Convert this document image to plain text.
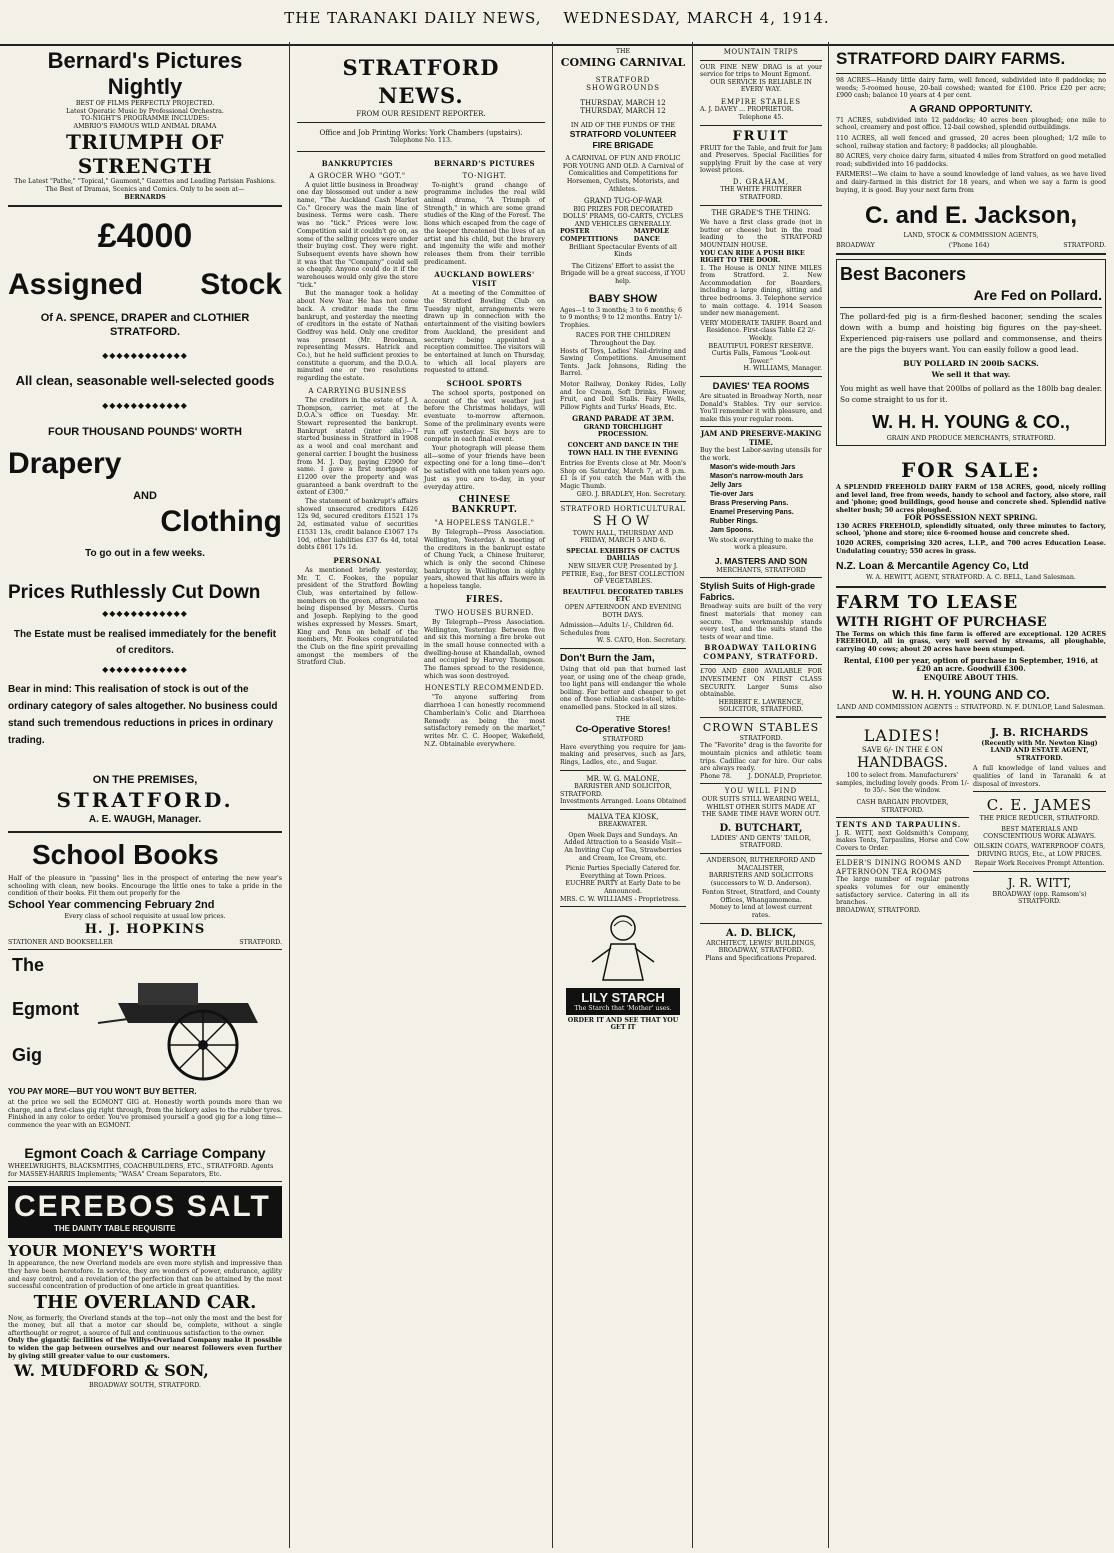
THE TARANAKI DAILY NEWS, WEDNESDAY, MARCH 4, 1914.
Bernard's Pictures Nightly
BEST OF FILMS PERFECTLY PROJECTED.
Latest Operatic Music by Professional Orchestra.
TO-NIGHT'S PROGRAMME INCLUDES:
AMBRIO'S FAMOUS WILD ANIMAL DRAMA
TRIUMPH OF STRENGTH
The Latest "Pathe," "Topical," Gaumont," Gazettes and Leading Parisian Fashions.
The Best of Dramas, Scenics and Comics. Only to be seen at—
BERNARDS
£4000
Assigned Stock
Of A. SPENCE, DRAPER and CLOTHIER
STRATFORD.
◆◆◆◆◆◆◆◆◆◆◆◆
All clean, seasonable well-selected goods
◆◆◆◆◆◆◆◆◆◆◆◆
FOUR THOUSAND POUNDS' WORTH
Drapery
AND
Clothing
To go out in a few weeks.
Prices Ruthlessly Cut Down
◆◆◆◆◆◆◆◆◆◆◆◆
The Estate must be realised immediately for the benefit of creditors.
◆◆◆◆◆◆◆◆◆◆◆◆
Bear in mind: This realisation of stock is out of the ordinary category of sales altogether. No business could stand such tremendous reductions in prices in ordinary trading.
ON THE PREMISES,
STRATFORD.
A. E. WAUGH, Manager.
School Books
Half of the pleasure in "passing" lies in the prospect of entering the new year's schooling with clean, new books. Encourage the little ones to take a pride in the condition of their books. Fit them out properly for the
School Year commencing February 2nd
Every class of school requisite at usual low prices.
H. J. HOPKINS
STATIONER AND BOOKSELLER	STRATFORD.
The
Egmont
Gig
YOU PAY MORE—BUT YOU WON'T BUY BETTER.
at the price we sell the EGMONT GIG at. Honestly worth pounds more than we charge, and a first-class gig right through, from the hickory axles to the rubber tyres. Finished in any color to order. You've promised yourself a good gig for a long time—commence the year with an EGMONT.
Egmont Coach & Carriage Company
WHEELWRIGHTS, BLACKSMITHS, COACHBUILDERS, ETC., STRATFORD. Agents for MASSEY-HARRIS Implements; "WASA" Cream Separators, Etc.
CEREBOS SALT
THE DAINTY TABLE REQUISITE
YOUR MONEY'S WORTH
In appearance, the new Overland models are even more stylish and impressive than they have been heretofore. In service, they are wonders of power, endurance, agility and easy control, and a revelation of the perfection that can be attained by the most successful concentration of production of one article in great quantities.
THE OVERLAND CAR.
Now, as formerly, the Overland stands at the top—not only the most and the best for the money, but all that a motor car should be, complete, without a single afterthought or regret, a source of full and continuous satisfaction to the owner.
Only the gigantic facilities of the Willys-Overland Company make it possible to widen the gap between ourselves and our nearest followers even further by giving still greater value to our customers.
W. MUDFORD & SON,
BROADWAY SOUTH, STRATFORD.
STRATFORD NEWS.
FROM OUR RESIDENT REPORTER.
Office and Job Printing Works: York Chambers (upstairs).
Telephone No. 113.
BANKRUPTCIES
A GROCER WHO "GOT."

A quiet little business in Broadway one day blossomed out under a new name, "The Auckland Cash Market Co." Grocery was the main line of business. Terms were cash. There was no "tick." Prices were low. Competition said it couldn't go on, as some of the selling prices were under their buying cost. They were right. Subsequent events have shown how it was that the "Company" could sell so cheaply. Anyone could do it if the warehouses would only give the store "tick."

But the manager took a holiday about New Year. He has not come back. A creditor made the firm bankrupt, and yesterday the meeting of creditors in the estate of Nathan Godfrey was held. Only one creditor was present (Mr. Brookman, representing Messrs. Hatrick and Co.), but he held sufficient proxies to constitute a quorum, and the D.O.A. minuted one or two resolutions regarding the estate.

A CARRYING BUSINESS

The creditors in the estate of J. A. Thompson, carrier, met at the D.O.A.'s office on Tuesday. Mr. Stewart represented the bankrupt. Bankrupt stated (inter alia):—"I started business in Stratford in 1908 as a wool and coal merchant and general carrier. I bought the business from M. J. Day, paying £2900 for same. I gave a first mortgage of £1200 over the property and was guaranteed a bank overdraft to the extent of £300."

The statement of bankrupt's affairs showed unsecured creditors £426 12s 9d, secured creditors £1521 17s 2d, estimated value of securities £1531 13s, credit balance £1067 17s 10d, other liabilities £37 6s 4d, total debts £861 17s 1d.

PERSONAL

As mentioned briefly yesterday, Mr. T. C. Fookes, the popular president of the Stratford Bowling Club, was entertained by fellow-members on the green, afternoon tea being dispensed by Messrs. Curtis and Joseph. Replying to the good wishes expressed by Messrs. Smart, King and Penn on behalf of the members, Mr. Fookes congratulated the Club on the fine spirit prevailing amongst the members of the Stratford Club.

BERNARD'S PICTURES
TO-NIGHT.

To-night's grand change of programme includes the real wild animal drama, "A Triumph of Strength," in which are some grand studies of the King of the Forest. The lions which escaped from the cage of the keeper threatened the lives of an artist and his child, but the bravery and ingenuity the wife and mother releases them from their terrible predicament.

AUCKLAND BOWLERS' VISIT

At a meeting of the Committee of the Stratford Bowling Club on Tuesday night, arrangements were drawn up in connection with the entertainment of the visiting bowlers from Auckland, the president and secretary being appointed a reception committee. The visitors will be entertained at lunch on Thursday, to which all local players are requested to attend.

SCHOOL SPORTS

The school sports, postponed on account of the wet weather just before the Christmas holidays, will eventuate to-morrow afternoon. Some of the preliminary events were run off yesterday. Six boys are to compete in each final event.

Your photograph will please them all—some of your friends have been expecting one for a long time—don't be satisfied with one taken years ago. Just as you are to-day, in your everyday attire.

CHINESE BANKRUPT.
"A HOPELESS TANGLE."

By Telegraph—Press Association. Wellington, Yesterday. A meeting of the creditors in the bankrupt estate of Chung Yuck, a Chinese fruiterer, which is only the second Chinese bankruptcy in Wellington in eighty years, showed that his affairs were in a hopeless tangle.

FIRES.
TWO HOUSES BURNED.

By Telegraph—Press Association. Wellington, Yesterday. Between five and six this morning a fire broke out in the small house connected with a dwelling-house at Khandallah, owned and occupied by Harvey Thompson. The flames spread to the residence, which was soon destroyed.

HONESTLY RECOMMENDED.

"To anyone suffering from diarrhoea I can honestly recommend Chamberlain's Colic and Diarrhoea Remedy as being the most satisfactory remedy on the market," writes Mr. C. C. Hooper, Wakefield, N.Z. Obtainable everywhere.

THE
COMING CARNIVAL
STRATFORD SHOWGROUNDS
THURSDAY, MARCH 12
THURSDAY, MARCH 12
IN AID OF THE FUNDS OF THE
STRATFORD VOLUNTEER FIRE BRIGADE
A CARNIVAL OF FUN AND FROLIC FOR YOUNG AND OLD. A Carnival of Comicalities and Competitions for Horsemen, Cyclists, Motorists, and Athletes.
GRAND TUG-OF-WAR
BIG PRIZES FOR DECORATED DOLLS' PRAMS, GO-CARTS, CYCLES AND VEHICLES GENERALLY.
POSTER COMPETITIONS
MAYPOLE DANCE
Brilliant Spectacular Events of all Kinds
The Citizens' Effort to assist the Brigade will be a great success, if YOU help.
BABY SHOW
Ages—1 to 3 months; 3 to 6 months; 6 to 9 months; 9 to 12 months. Entry 1/- Trophies.
RACES FOR THE CHILDREN Throughout the Day.
Hosts of Toys, Ladies' Nail-driving and Sawing Competitions. Amusement Tents. Jack Johnsons, Riding the Barrel.
Motor Railway, Donkey Rides, Lolly and Ice Cream, Soft Drinks, Flower, Fruit, and Doll Stalls. Fairy Wells, Pillow Fights and Turks' Heads, Etc.
GRAND PARADE AT 3P.M.
GRAND TORCHLIGHT PROCESSION.
CONCERT AND DANCE IN THE TOWN HALL IN THE EVENING
Entries for Events close at Mr. Moon's Shop on Saturday, March 7, at 8 p.m. £1 is if you catch the Man with the Magic Thumb.
GEO. J. BRADLEY, Hon. Secretary.
STRATFORD HORTICULTURAL
SHOW
TOWN HALL, THURSDAY AND FRIDAY, MARCH 5 AND 6.
SPECIAL EXHIBITS OF CACTUS DAHLIAS
NEW SILVER CUP, Presented by J. PETRIE, Esq., for BEST COLLECTION OF VEGETABLES.
BEAUTIFUL DECORATED TABLES ETC
OPEN AFTERNOON AND EVENING BOTH DAYS.
Admission—Adults 1/-, Children 6d. Schedules from
W. S. CATO, Hon. Secretary.
Don't Burn the Jam,
Using that old pan that burned last year, or using one of the cheap grade, too light pans will endanger the whole boiling. Far better and cheaper to get one of those reliable cast-steel, white-enamelled pans. Stocked in all sizes.
THE
Co-Operative Stores!
STRATFORD
Have everything you require for jam-making and preserves, such as Jars, Rings, Ladles, etc., and Sugar.
MR. W. G. MALONE,
BARRISTER AND SOLICITOR,
STRATFORD.
Investments Arranged. Loans Obtained
MALVA TEA KIOSK,
BREAKWATER.
Open Week Days and Sundays. An Added Attraction to a Seaside Visit—An Inviting Cup of Tea, Strawberries and Cream, Ice Cream, etc.
Picnic Parties Specially Catered for. Everything at Town Prices.
EUCHRE PARTY at Early Date to be Announced.
MRS. C. W. WILLIAMS - Proprietress.

LILY STARCH
The Starch that 'Mother' uses.
ORDER IT AND SEE THAT YOU GET IT
MOUNTAIN TRIPS
OUR FINE NEW DRAG is at your service for trips to Mount Egmont.
OUR SERVICE IS RELIABLE IN EVERY WAY.
EMPIRE STABLES
A. J. DAVEY ... PROPRIETOR.
Telephone 45.
FRUIT
FRUIT for the Table, and fruit for Jam and Preserves. Special Facilities for supplying Fruit by the case at very lowest prices.
D. GRAHAM,
THE WHITE FRUITERER STRATFORD.
THE GRADE'S THE THING.
We have a first class grade (not in butter or cheese) but in the road leading to the STRATFORD MOUNTAIN HOUSE.
YOU CAN RIDE A PUSH BIKE RIGHT TO THE DOOR.
1. The House is ONLY NINE MILES from Stratford. 2. New Accommodation for Boarders, including a large dining, sitting and three bedrooms. 3. Telephone service to main cottage. 4. 1914 Season under new management.
VERY MODERATE TARIFF. Board and Residence. First-class Table £2 2/- Weekly.
BEAUTIFUL FOREST RESERVE. Curtis Falls, Famous "Look-out Tower."
H. WILLIAMS, Manager.
DAVIES' TEA ROOMS
Are situated in Broadway North, near Donald's Stables. Try our service. You'll remember it with pleasure, and make this your regular room.
JAM AND PRESERVE-MAKING TIME.
Buy the best Labor-saving utensils for the work.
Mason's wide-mouth Jars
Mason's narrow-mouth Jars
Jelly Jars
Tie-over Jars
Brass Preserving Pans.
Enamel Preserving Pans.
Rubber Rings.
Jam Spoons.
We stock everything to make the work a pleasure.
J. MASTERS AND SON
MERCHANTS, STRATFORD
Stylish Suits of High-grade Fabrics.
Broadway suits are built of the very finest materials that money can secure. The workmanship stands every test, and the suits stand the tests of wear and time.
BROADWAY TAILORING COMPANY, STRATFORD.
£700 AND £800 AVAILABLE FOR INVESTMENT ON FIRST CLASS SECURITY. Larger Sums also obtainable.
HERBERT E. LAWRENCE, SOLICITOR, STRATFORD.
CROWN STABLES
STRATFORD.
The "Favorite" drag is the favorite for mountain picnics and athletic team trips. Cadillac car for hire. Our cabs are always ready.
Phone 78.	J. DONALD, Proprietor.
YOU WILL FIND
OUR SUITS STILL WEARING WELL, WHILST OTHER SUITS MADE AT THE SAME TIME HAVE WORN OUT.
D. BUTCHART,
LADIES' AND GENTS' TAILOR, STRATFORD.
ANDERSON, RUTHERFORD AND MACALISTER,
BARRISTERS AND SOLICITORS (successors to W. D. Anderson).
Fenton Street, Stratford, and County Offices, Whangamomona.
Money to lend at lowest current rates.
A. D. BLICK,
ARCHITECT, LEWIS' BUILDINGS, BROADWAY, STRATFORD.
Plans and Specifications Prepared.
STRATFORD DAIRY FARMS.
98 ACRES—Handy little dairy farm, well fenced, subdivided into 8 paddocks; no weeds; 5-roomed house, 20-bail cowshed; wanted for £100. Price £20 per acre; £900 cash; balance 10 years at 4 per cent.
A GRAND OPPORTUNITY.
71 ACRES, subdivided into 12 paddocks; 40 acres been ploughed; one mile to school, creamery and post office. 12-bail cowshed, splendid outbuildings.
110 ACRES, all well fenced and grassed, 20 acres been ploughed; 1/2 mile to school, railway station and factory; 8 paddocks; all ploughable.
80 ACRES, very choice dairy farm, situated 4 miles from Stratford on good metalled road; subdivided into 16 paddocks.
FARMERS!—We claim to have a sound knowledge of land values, as we have lived and dairy-farmed in this district for 18 years, and when we say a farm is good buying, it is good. Buy your next farm from
C. and E. Jackson,
LAND, STOCK & COMMISSION AGENTS,
BROADWAY	('Phone 164)	STRATFORD.
Best Baconers
Are Fed on Pollard.
The pollard-fed pig is a firm-fleshed baconer, sending the scales down with a bump and hoisting big figures on the pay-sheet. Experienced pig-raisers use pollard and commonsense, and theirs are the pigs the buyers want. You can easily follow a good lead.
BUY POLLARD IN 200lb SACKS.
We sell it that way.
You might as well have that 200lbs of pollard as the 180lb bag dealer. So come straight to us for it.
W. H. H. YOUNG & CO.,
GRAIN AND PRODUCE MERCHANTS, STRATFORD.
FOR SALE:
A SPLENDID FREEHOLD DAIRY FARM of 158 ACRES, good, nicely rolling and level land, free from weeds, handy to school and factory, also store, rail and 'phone; good buildings, good house and concrete shed. Splendid native shelter bush; 50 acres ploughed.
FOR POSSESSION NEXT SPRING.
130 ACRES FREEHOLD, splendidly situated, only three minutes to factory, school, 'phone and store; nice 6-roomed house and concrete shed.
1020 ACRES, comprising 320 acres, L.I.P., and 700 acres Education Lease. Undulating country; 550 acres in grass.
N.Z. Loan & Mercantile Agency Co, Ltd
W. A. HEWITT, AGENT, STRATFORD. A. C. BELL, Land Salesman.
FARM TO LEASE
WITH RIGHT OF PURCHASE
The Terms on which this fine farm is offered are exceptional. 120 ACRES FREEHOLD, all in grass, very well served by streams, all ploughable, carrying 40 cows; about 20 acres have been stumped.
Rental, £100 per year, option of purchase in September, 1916, at £20 an acre. Goodwill £300.
ENQUIRE ABOUT THIS.
W. H. H. YOUNG AND CO.
LAND AND COMMISSION AGENTS :: STRATFORD. N. F. DUNLOP, Land Salesman.
LADIES!
SAVE 6/- IN THE £ ON
HANDBAGS.
100 to select from. Manufacturers' samples, including lovely goods. From 1/- to 35/-. See the window.
CASH BARGAIN PROVIDER, STRATFORD.
TENTS AND TARPAULINS.
J. R. WITT, next Goldsmith's Company, makes Tents, Tarpaulins, Horse and Cow Covers to Order.
ELDER'S DINING ROOMS AND AFTERNOON TEA ROOMS
The large number of regular patrons speaks volumes for our eminently satisfactory service. Catering in all its branches.
BROADWAY, STRATFORD.
J. B. RICHARDS
(Recently with Mr. Newton King) LAND AND ESTATE AGENT, STRATFORD.
A full knowledge of land values and qualities of land in Taranaki & at disposal of investors.
C. E. JAMES
THE PRICE REDUCER, STRATFORD.
BEST MATERIALS AND CONSCIENTIOUS WORK ALWAYS.
OILSKIN COATS, WATERPROOF COATS, DRIVING RUGS, Etc., at LOW PRICES.
Repair Work Receives Prompt Attention.
J. R. WITT,
BROADWAY (opp. Ramsom's) STRATFORD.
